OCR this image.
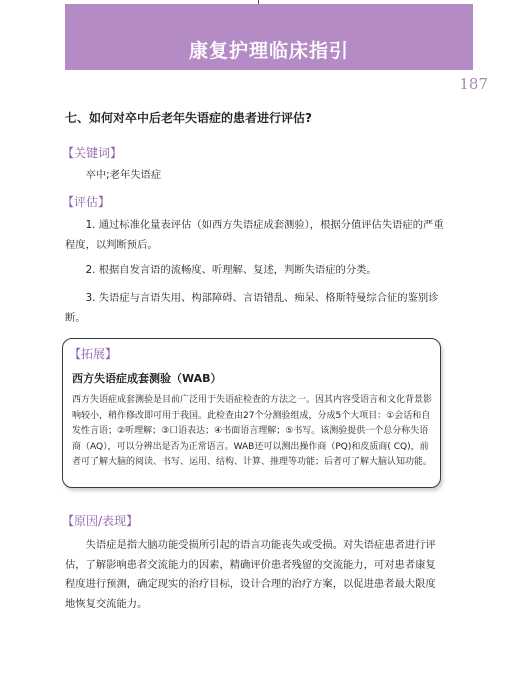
康复护理临床指引
187
七、如何对卒中后老年失语症的患者进行评估?
【关键词】
卒中;老年失语症
【评估】
1. 通过标准化量表评估（如西方失语症成套测验），根据分值评估失语症的严重程度，以判断预后。
2. 根据自发言语的流畅度、听理解、复述，判断失语症的分类。
3. 失语症与言语失用、构部障碍、言语错乱、痴呆、格斯特曼综合征的鉴别诊断。
【拓展】
西方失语症成套测验（WAB）
西方失语症成套测验是目前广泛用于失语症检查的方法之一。因其内容受语言和文化背景影响较小，稍作修改即可用于我国。此检查由27个分测验组成，分成5个大项目：①会话和自发性言语；②听理解；③口语表达；④书面语言理解；⑤书写。该测验提供一个总分称失语商（AQ），可以分辨出是否为正常语言。WAB还可以测出操作商（PQ)和皮质商( CQ)，前者可了解大脑的阅读、书写、运用、结构、计算、推理等功能；后者可了解大脑认知功能。
【原因/表现】
失语症是指大脑功能受损所引起的语言功能丧失或受损。对失语症患者进行评估，了解影响患者交流能力的因素，精确评价患者残留的交流能力，可对患者康复程度进行预测，确定现实的治疗目标，设计合理的治疗方案，以促进患者最大限度地恢复交流能力。
